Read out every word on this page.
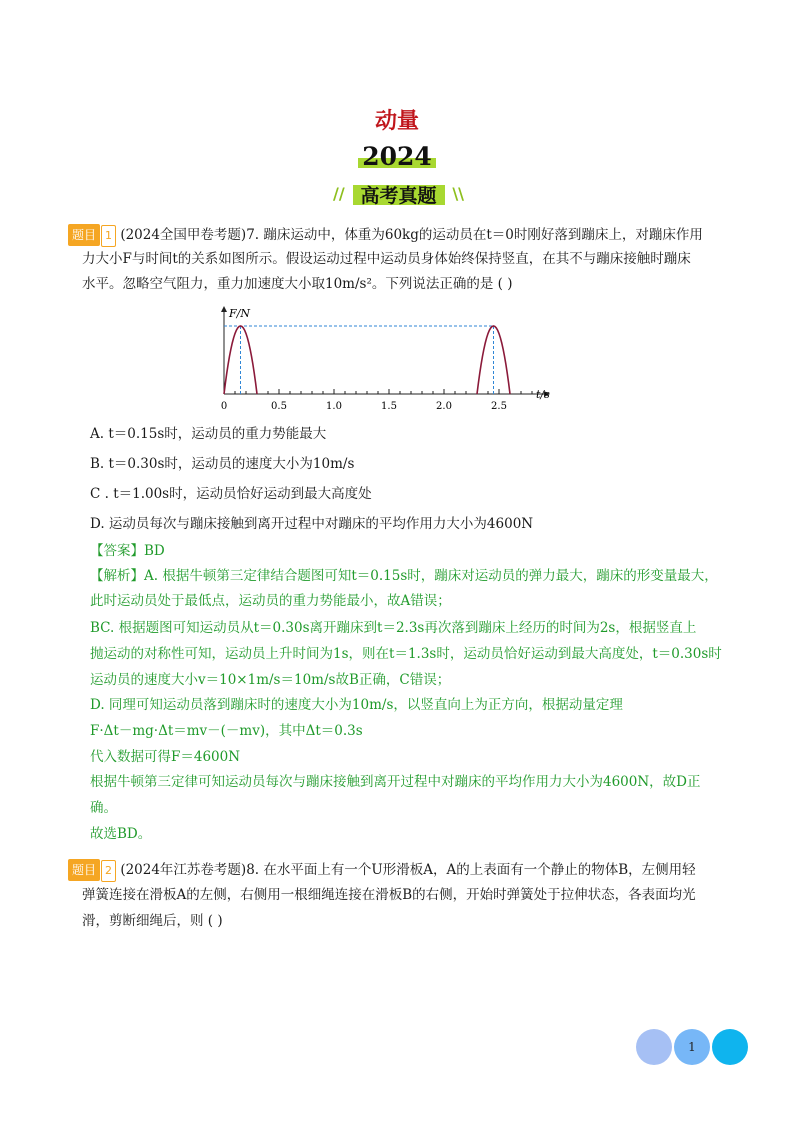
动量
2024
//	\\
高考真题
题目 1 (2024全国甲卷考题)7. 蹦床运动中，体重为60kg的运动员在t＝0时刚好落到蹦床上，对蹦床作用
力大小F与时间t的关系如图所示。假设运动过程中运动员身体始终保持竖直，在其不与蹦床接触时蹦床
水平。忽略空气阻力，重力加速度大小取10m/s²。下列说法正确的是 ( )
0	0.5	1.0	1.5	2.0	2.5
F/N
t/s
A. t＝0.15s时，运动员的重力势能最大
B. t＝0.30s时，运动员的速度大小为10m/s
C . t＝1.00s时，运动员恰好运动到最大高度处
D. 运动员每次与蹦床接触到离开过程中对蹦床的平均作用力大小为4600N
【答案】BD
【解析】A. 根据牛顿第三定律结合题图可知t＝0.15s时，蹦床对运动员的弹力最大，蹦床的形变量最大，
此时运动员处于最低点，运动员的重力势能最小，故A错误；
BC. 根据题图可知运动员从t＝0.30s离开蹦床到t＝2.3s再次落到蹦床上经历的时间为2s，根据竖直上
抛运动的对称性可知，运动员上升时间为1s，则在t＝1.3s时，运动员恰好运动到最大高度处，t＝0.30s时
运动员的速度大小v＝10×1m/s＝10m/s故B正确，C错误；
D. 同理可知运动员落到蹦床时的速度大小为10m/s，以竖直向上为正方向，根据动量定理
F·Δt－mg·Δt＝mv－(－mv)，其中Δt＝0.3s
代入数据可得F＝4600N
根据牛顿第三定律可知运动员每次与蹦床接触到离开过程中对蹦床的平均作用力大小为4600N，故D正
确。
故选BD。
题目 2 (2024年江苏卷考题)8. 在水平面上有一个U形滑板A，A的上表面有一个静止的物体B，左侧用轻
弹簧连接在滑板A的左侧，右侧用一根细绳连接在滑板B的右侧，开始时弹簧处于拉伸状态，各表面均光
滑，剪断细绳后，则 ( )
1
